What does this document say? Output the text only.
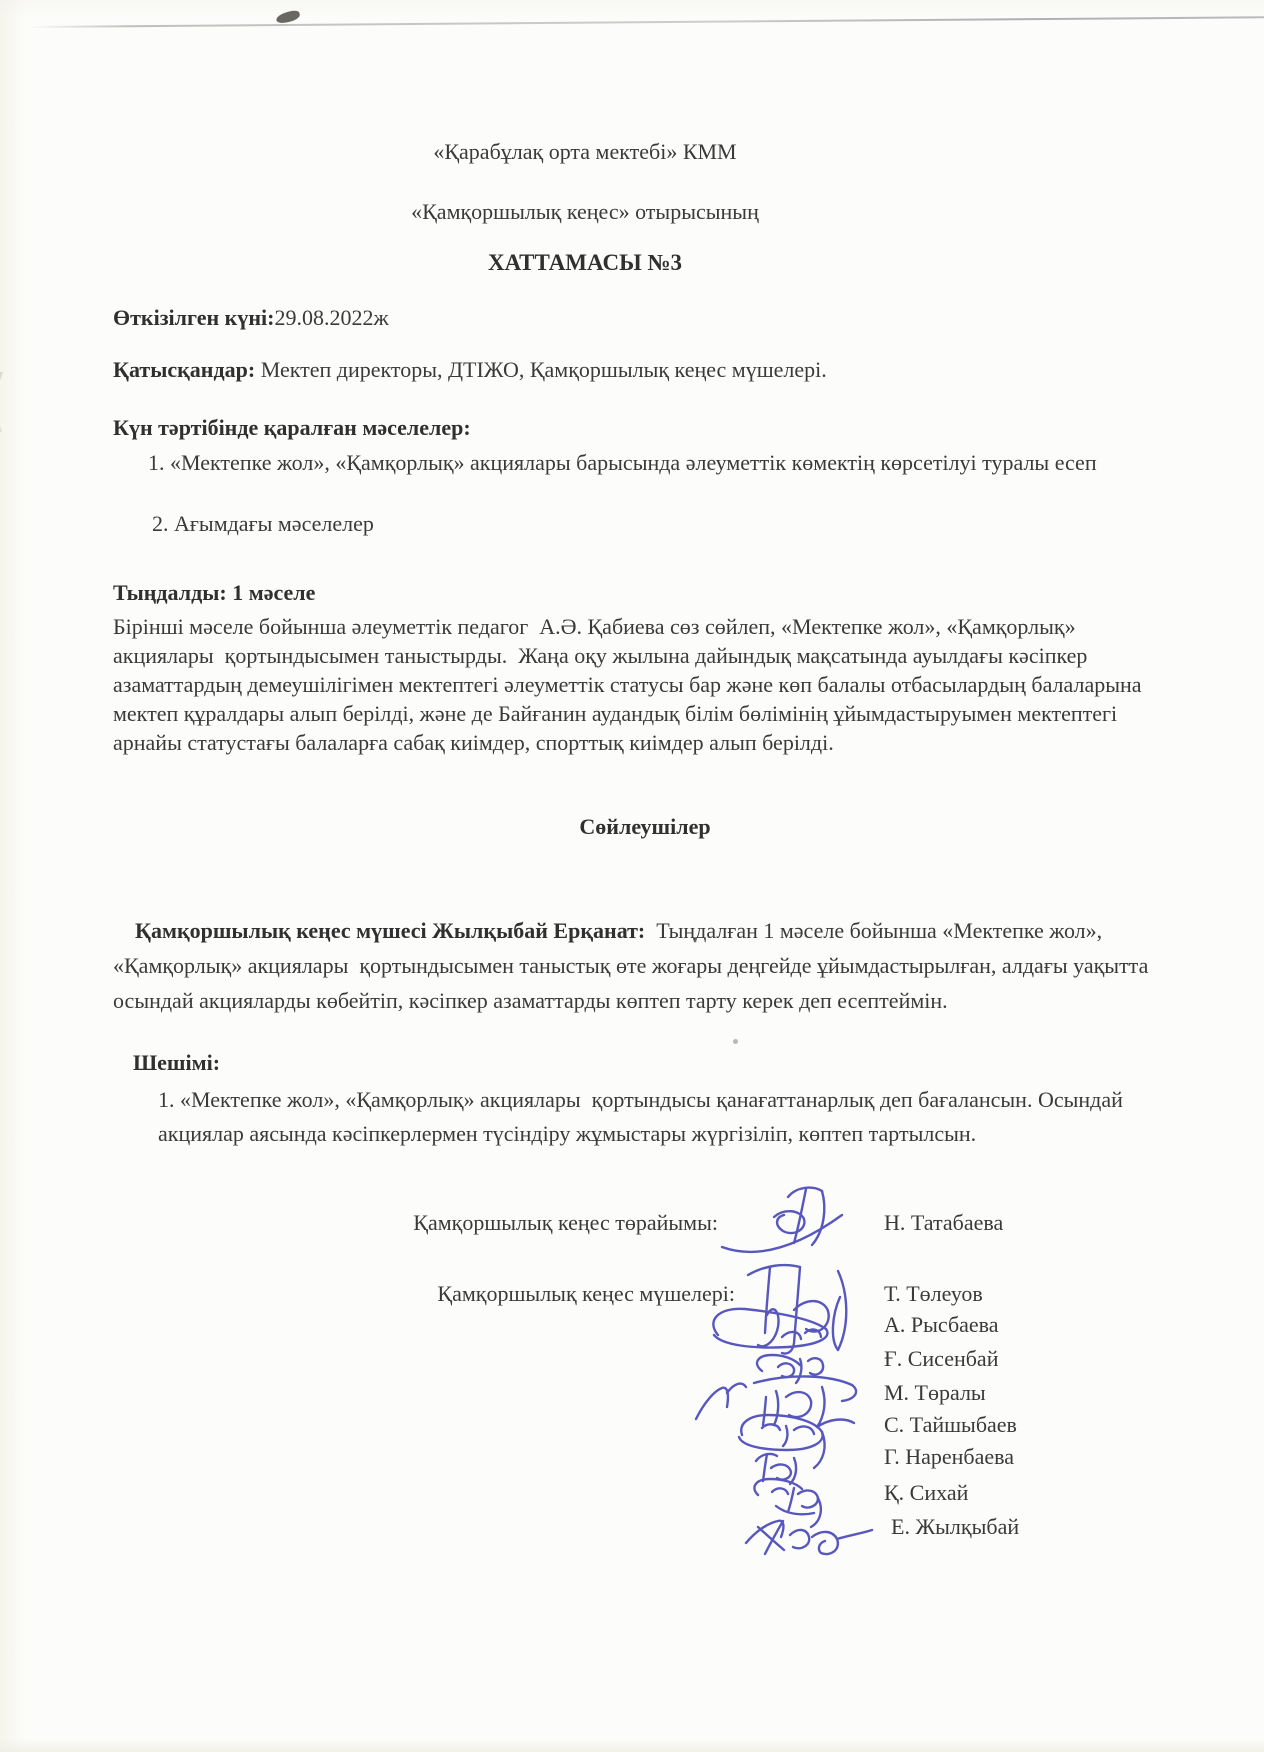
«Қарабұлақ орта мектебі» КММ
«Қамқоршылық кеңес» отырысының
ХАТТАМАСЫ №3
Өткізілген күні:29.08.2022ж
Қатысқандар: Мектеп директоры, ДТІЖО, Қамқоршылық кеңес мүшелері.
Күн тәртібінде қаралған мәселелер:
1. «Мектепке жол», «Қамқорлық» акциялары барысында әлеуметтік көмектің көрсетілуі туралы есеп
2. Ағымдағы мәселелер
Тыңдалды: 1 мәселе
Бірінші мәселе бойынша әлеуметтік педагог  А.Ә. Қабиева сөз сөйлеп, «Мектепке жол», «Қамқорлық» акциялары  қортындысымен таныстырды.  Жаңа оқу жылына дайындық мақсатында ауылдағы кәсіпкер азаматтардың демеушілігімен мектептегі әлеуметтік статусы бар және көп балалы отбасылардың балаларына мектеп құралдары алып берілді, және де Байғанин аудандық білім бөлімінің ұйымдастыруымен мектептегі арнайы статустағы балаларға сабақ киімдер, спорттық киімдер алып берілді.
Сөйлеушілер

Қамқоршылық кеңес мүшесі Жылқыбай Ерқанат:  Тыңдалған 1 мәселе бойынша «Мектепке жол», «Қамқорлық» акциялары  қортындысымен таныстық өте жоғары деңгейде ұйымдастырылған, алдағы уақытта осындай акцияларды көбейтіп, кәсіпкер азаматтарды көптеп тарту керек деп есептеймін.

Шешімі:
1. «Мектепке жол», «Қамқорлық» акциялары  қортындысы қанағаттанарлық деп бағалансын. Осындай акциялар аясында кәсіпкерлермен түсіндіру жұмыстары жүргізіліп, көптеп тартылсын.
Қамқоршылық кеңес төрайымы:	Н. Татабаева
Қамқоршылық кеңес мүшелері:	Т. Төлеуов
А. Рысбаева
Ғ. Сисенбай
М. Төралы
С. Тайшыбаев
Г. Наренбаева
Қ. Сихай
Е. Жылқыбай
